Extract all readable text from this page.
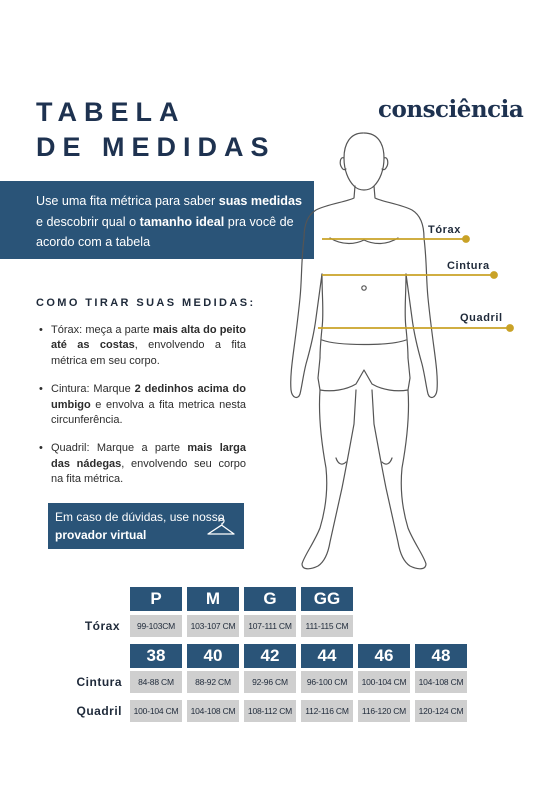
TABELA
DE MEDIDAS
consciência
Use uma fita métrica para saber suas medidas e descobrir qual o tamanho ideal pra você de acordo com a tabela
COMO TIRAR SUAS MEDIDAS:
• Tórax: meça a parte mais alta do peito até as costas, envolvendo a fita métrica em seu corpo.
• Cintura: Marque 2 dedinhos acima do umbigo e envolva a fita metrica nesta circunferência.
• Quadril: Marque a parte mais larga das nádegas, envolvendo seu corpo na fita métrica.
Em caso de dúvidas, use nosso provador virtual
Tórax
Cintura
Quadril
P	M	G	GG
Tórax	99-103CM	103-107 CM	107-111 CM	111-115 CM
38	40	42	44	46	48
Cintura	84-88 CM	88-92 CM	92-96 CM	96-100 CM	100-104 CM	104-108 CM
Quadril	100-104 CM	104-108 CM	108-112 CM	112-116 CM	116-120 CM	120-124 CM
